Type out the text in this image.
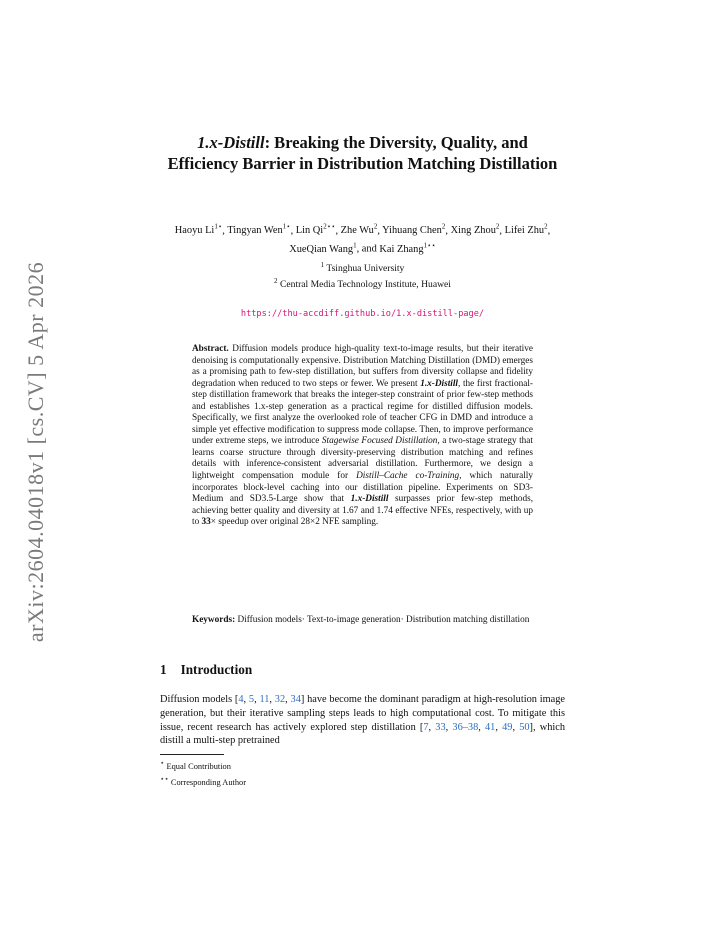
arXiv:2604.04018v1 [cs.CV] 5 Apr 2026
1.x-Distill: Breaking the Diversity, Quality, and Efficiency Barrier in Distribution Matching Distillation

Haoyu $Li^{1⋆}$, Tingyan Wen$^{1⋆}$, Lin $Qi^{2⋆⋆}$, Zhe Wu$^2$, Yihuang Chen$^2$, Xing Zhou$^2$, Lifei Zhu$^2$, XueQian Wang$^1$, and Kai Zhang$^{1⋆⋆}$

$^1$ Tsinghua University
$^2$ Central Media Technology Institute, Huawei
https://thu-accdiff.github.io/1.x-distill-page/

Abstract. Diffusion models produce high-quality text-to-image results, but their iterative denoising is computationally expensive. Distribution Matching Distillation (DMD) emerges as a promising path to few-step distillation, but suffers from diversity collapse and fidelity degradation when reduced to two steps or fewer. We present 1.x-Distill, the first fractional-step distillation framework that breaks the integer-step constraint of prior few-step methods and establishes 1.x-step generation as a practical regime for distilled diffusion models. Specifically, we first analyze the overlooked role of teacher CFG in DMD and introduce a simple yet effective modification to suppress mode collapse. Then, to improve performance under extreme steps, we introduce Stagewise Focused Distillation, a two-stage strategy that learns coarse structure through diversity-preserving distribution matching and refines details with inference-consistent adversarial distillation. Furthermore, we design a lightweight compensation module for Distill–Cache co-Training, which naturally incorporates block-level caching into our distillation pipeline. Experiments on SD3-Medium and SD3.5-Large show that 1.x-Distill surpasses prior few-step methods, achieving better quality and diversity at 1.67 and 1.74 effective NFEs, respectively, with up to 33× speedup over original 28×2 NFE sampling.

Keywords: Diffusion models· Text-to-image generation· Distribution matching distillation

1 Introduction

Diffusion models [4, 5, 11, 32, 34] have become the dominant paradigm at high-resolution image generation, but their iterative sampling steps leads to high computational cost. To mitigate this issue, recent research has actively explored step distillation [7, 33, 36–38, 41, 49, 50], which distill a multi-step pretrained

⋆ Equal Contribution
⋆⋆ Corresponding Author
